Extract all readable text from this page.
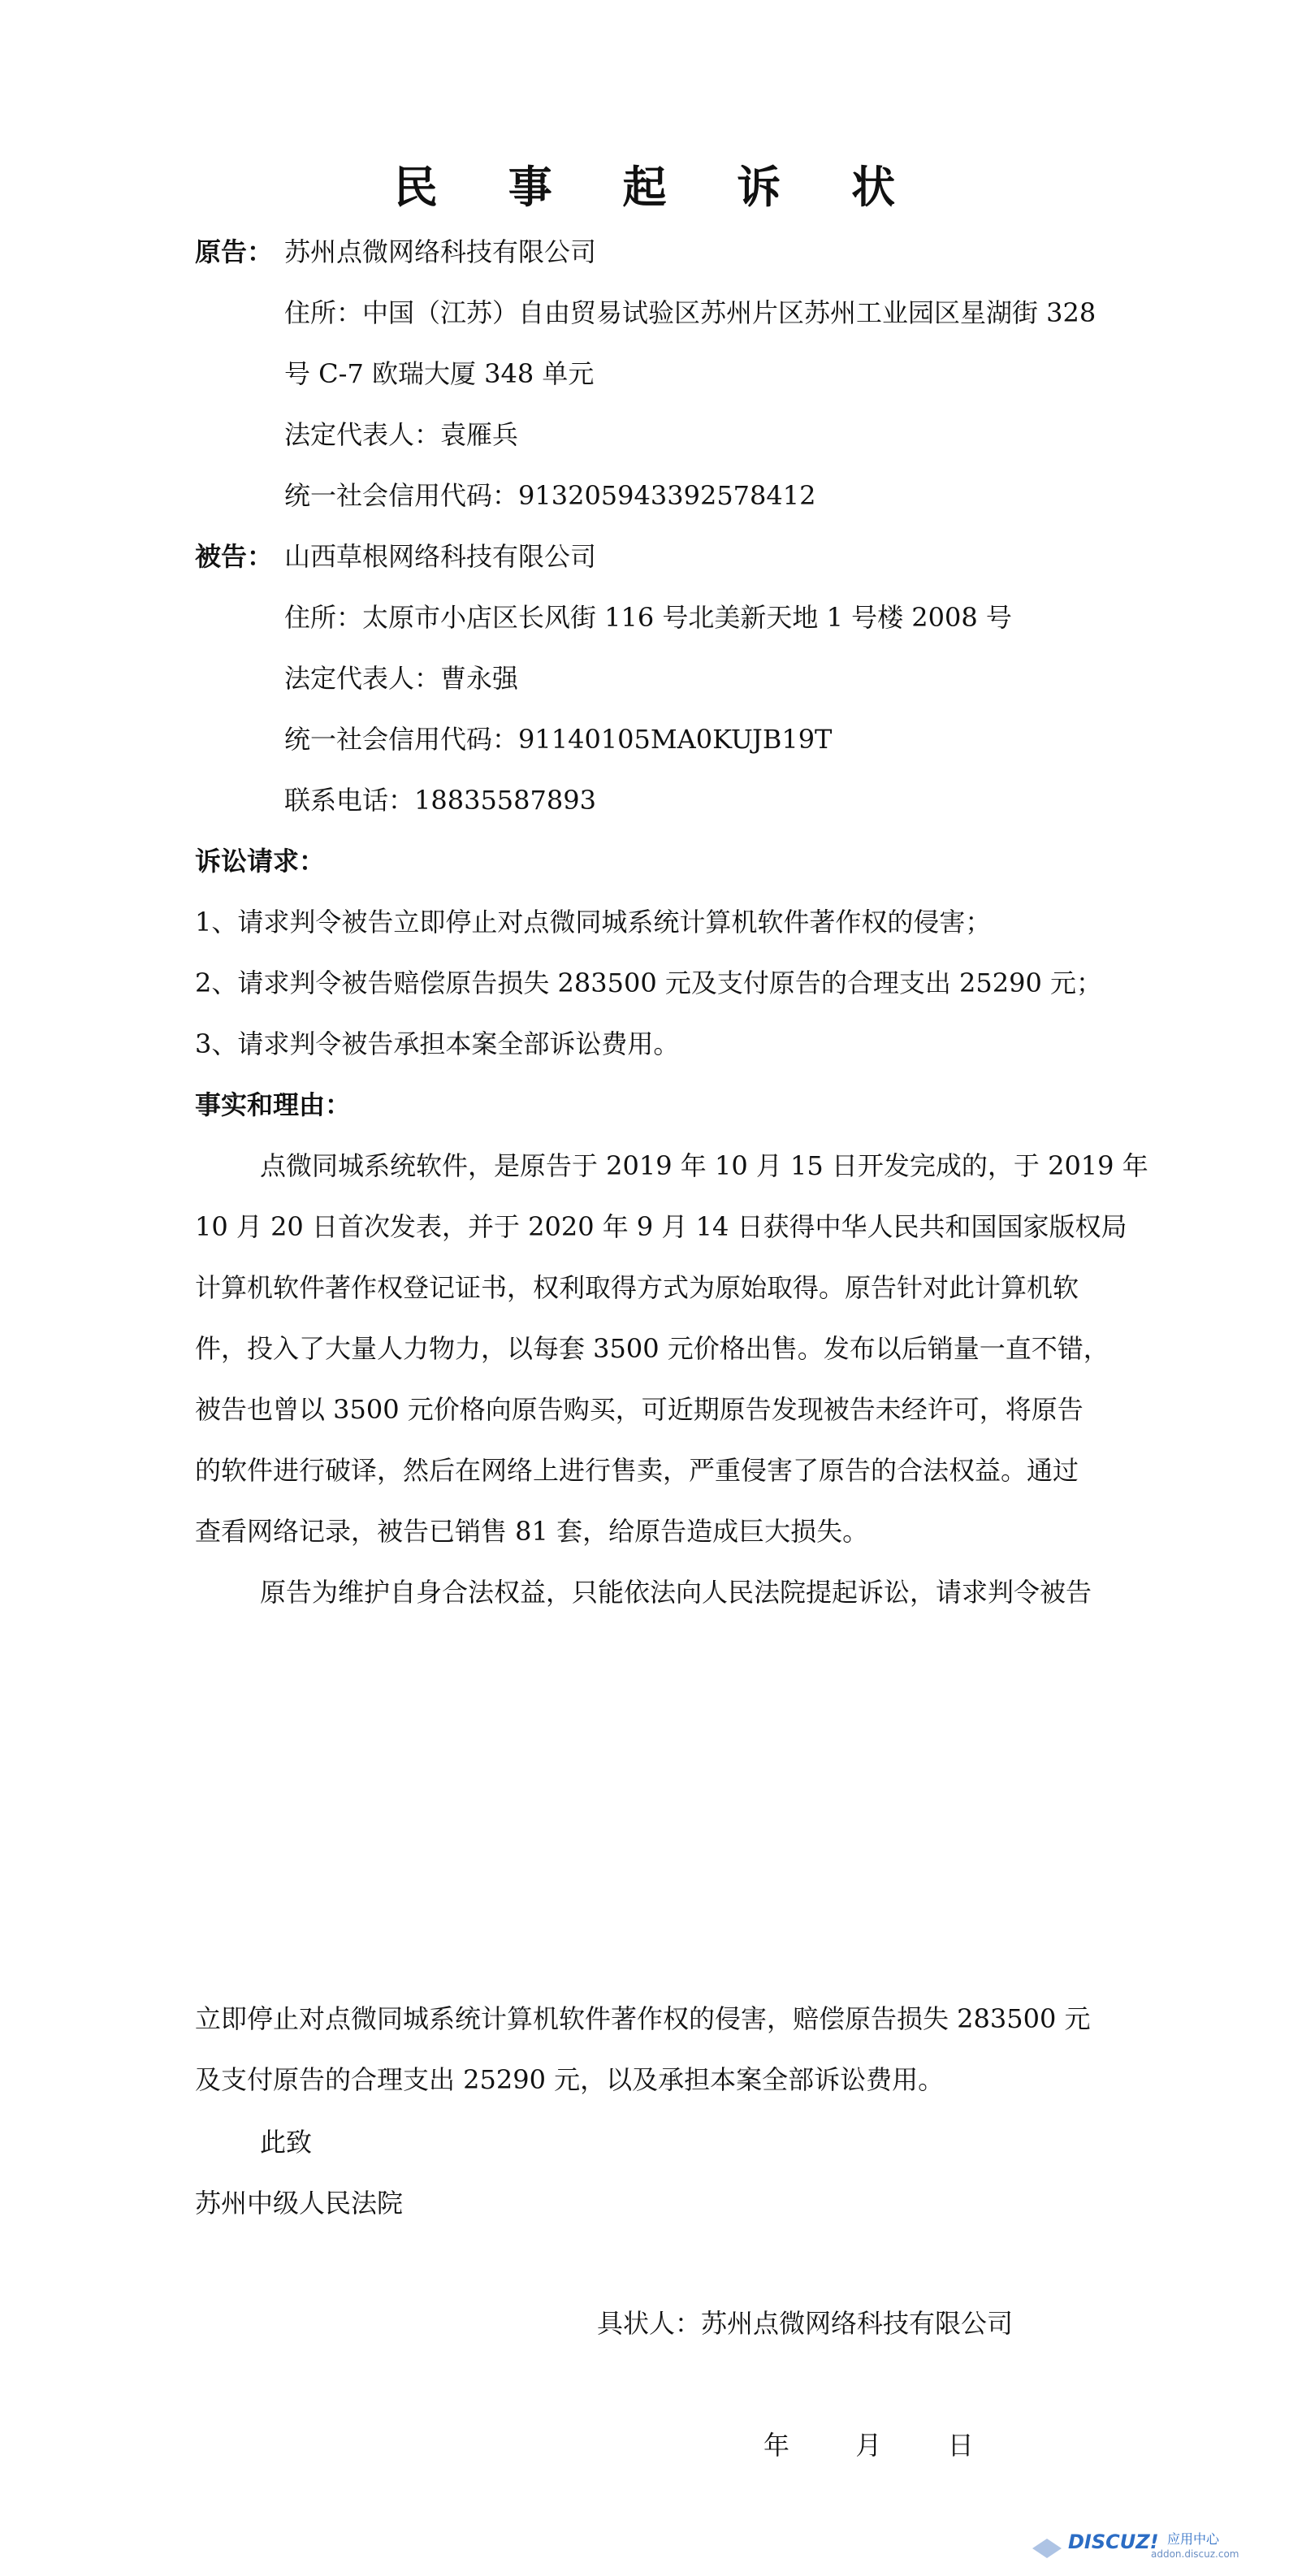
民 事 起 诉 状
原告： 苏州点微网络科技有限公司
住所：中国（江苏）自由贸易试验区苏州片区苏州工业园区星湖街 328
号 C-7 欧瑞大厦 348 单元
法定代表人：袁雁兵
统一社会信用代码：913205943392578412
被告： 山西草根网络科技有限公司
住所：太原市小店区长风街 116 号北美新天地 1 号楼 2008 号
法定代表人：曹永强
统一社会信用代码：91140105MA0KUJB19T
联系电话：18835587893
诉讼请求：
1、请求判令被告立即停止对点微同城系统计算机软件著作权的侵害；
2、请求判令被告赔偿原告损失 283500 元及支付原告的合理支出 25290 元；
3、请求判令被告承担本案全部诉讼费用。
事实和理由：
点微同城系统软件，是原告于 2019 年 10 月 15 日开发完成的，于 2019 年
10 月 20 日首次发表，并于 2020 年 9 月 14 日获得中华人民共和国国家版权局
计算机软件著作权登记证书，权利取得方式为原始取得。原告针对此计算机软
件，投入了大量人力物力，以每套 3500 元价格出售。发布以后销量一直不错，
被告也曾以 3500 元价格向原告购买，可近期原告发现被告未经许可，将原告
的软件进行破译，然后在网络上进行售卖，严重侵害了原告的合法权益。通过
查看网络记录，被告已销售 81 套，给原告造成巨大损失。
原告为维护自身合法权益，只能依法向人民法院提起诉讼，请求判令被告
立即停止对点微同城系统计算机软件著作权的侵害，赔偿原告损失 283500 元
及支付原告的合理支出 25290 元，以及承担本案全部诉讼费用。
此致
苏州中级人民法院
具状人：苏州点微网络科技有限公司
年        月        日
DISCUZ! 应用中心
addon.discuz.com
